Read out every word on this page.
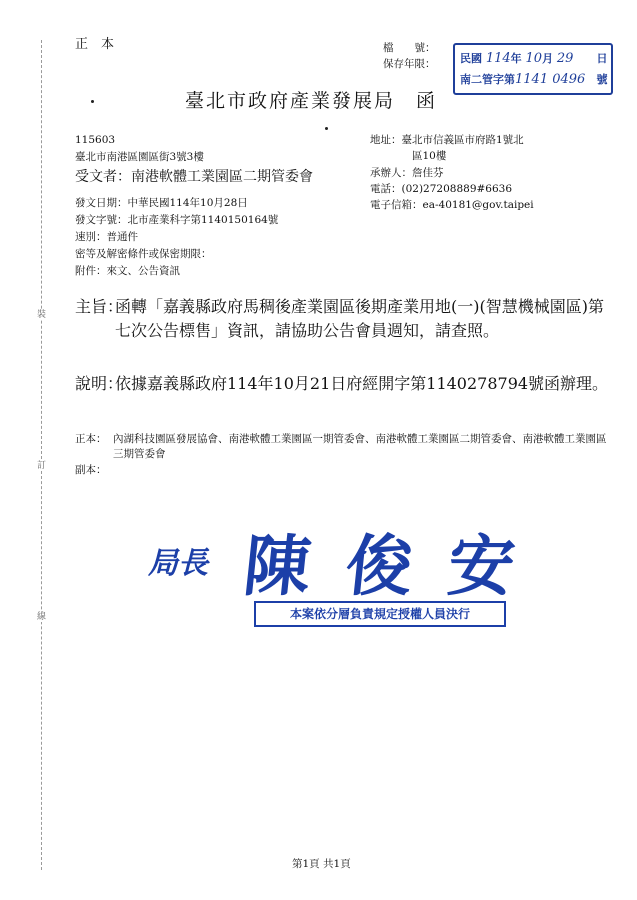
裝
訂
線
正　本	檔　　號：
保存年限： 民國 114年 10月 29
南二管字第1141 0496
日
號
臺北市政府產業發展局　函
115603
臺北市南港區園區街3號3樓
受文者：南港軟體工業園區二期管委會
地址：臺北市信義區市府路1號北
區10樓
承辦人：詹佳芬
電話：(02)27208889#6636
電子信箱：ea-40181@gov.taipei
發文日期：中華民國114年10月28日
發文字號：北市產業科字第1140150164號
速別：普通件
密等及解密條件或保密期限：
附件：來文、公告資訊
主旨：
函轉「嘉義縣政府馬稠後產業園區後期產業用地(一)(智慧機械園區)第七次公告標售」資訊，請協助公告會員週知，請查照。
說明：
依據嘉義縣政府114年10月21日府經開字第1140278794號函辦理。
正本： 內湖科技園區發展協會、南港軟體工業園區一期管委會、南港軟體工業園區二期管委會、南港軟體工業園區三期管委會
副本：
局長 陳俊安
本案依分層負責規定授權人員決行
第1頁 共1頁
